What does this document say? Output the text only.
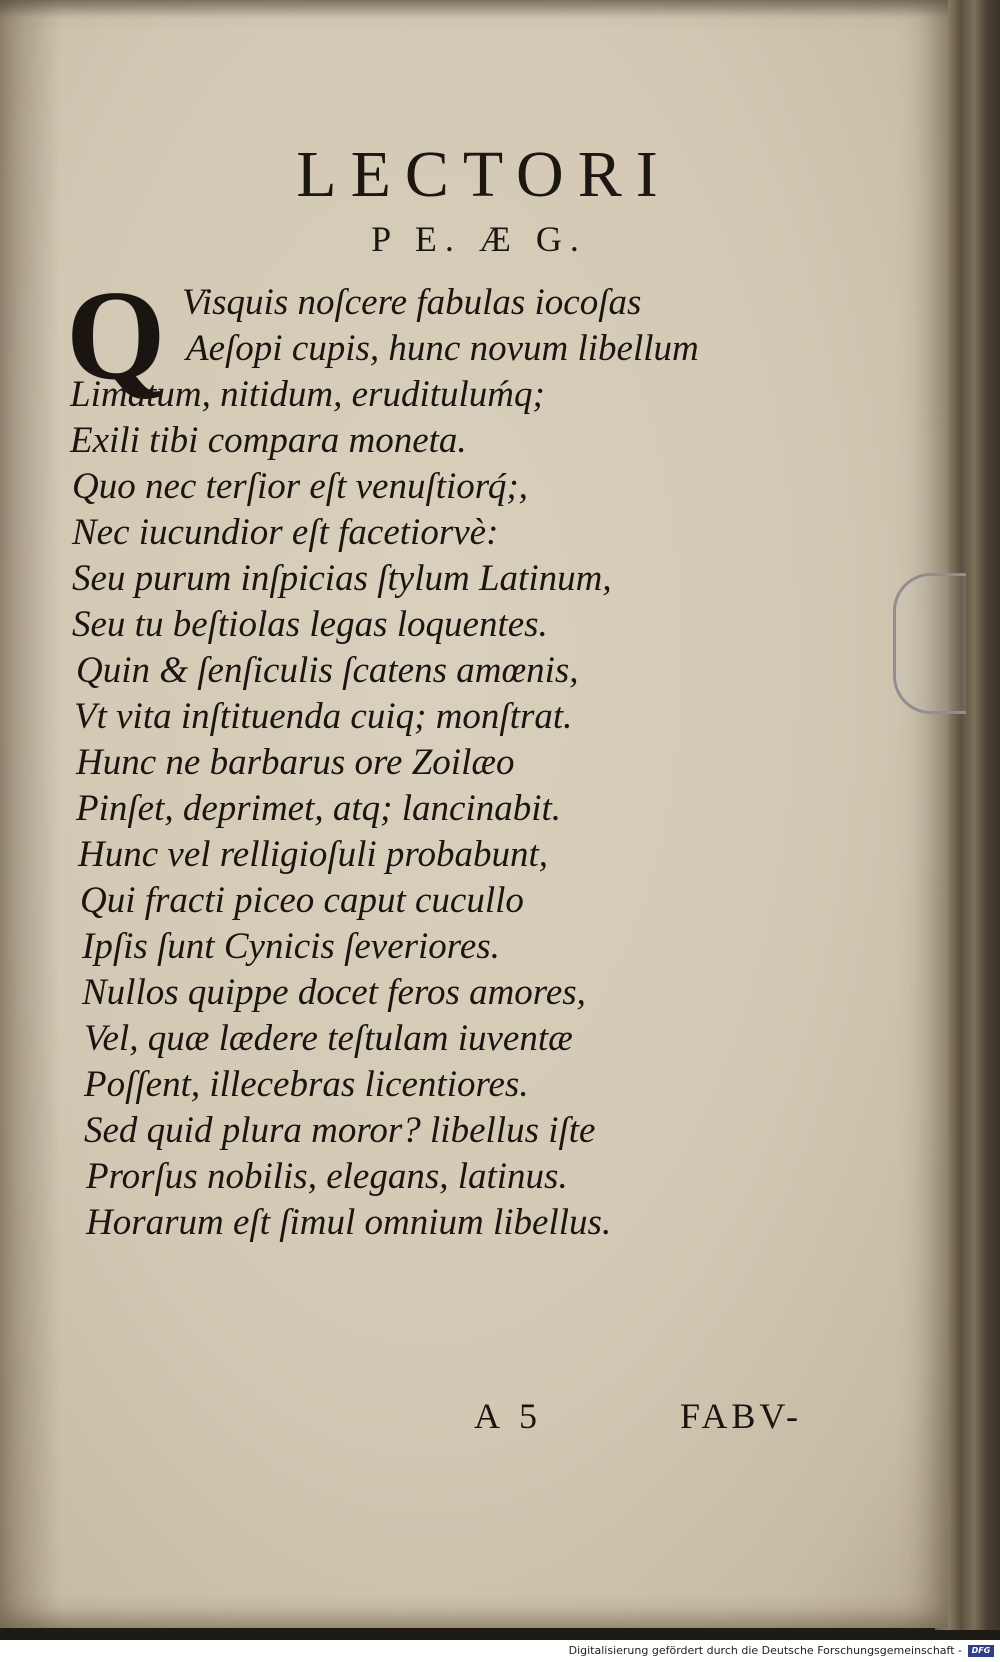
LECTORI
P E. Æ G.
Q Visquis noſcere fabulas iocoſas
Aeſopi cupis, hunc novum libellum
Limatum, nitidum, erudituluḿq;
Exili tibi compara moneta.
Quo nec terſior eſt venuſtiorq́;,
Nec iucundior eſt facetiorvè:
Seu purum inſpicias ſtylum Latinum,
Seu tu beſtiolas legas loquentes.
Quin & ſenſiculis ſcatens amœnis,
Vt vita inſtituenda cuiq; monſtrat.
Hunc ne barbarus ore Zoilæo
Pinſet, deprimet, atq; lancinabit.
Hunc vel relligioſuli probabunt,
Qui fracti piceo caput cucullo
Ipſis ſunt Cynicis ſeveriores.
Nullos quippe docet feros amores,
Vel, quæ lædere teſtulam iuventæ
Poſſent, illecebras licentiores.
Sed quid plura moror? libellus iſte
Prorſus nobilis, elegans, latinus.
Horarum eſt ſimul omnium libellus.
A 5	FABV-
Digitalisierung gefördert durch die Deutsche Forschungsgemeinschaft - DFG
